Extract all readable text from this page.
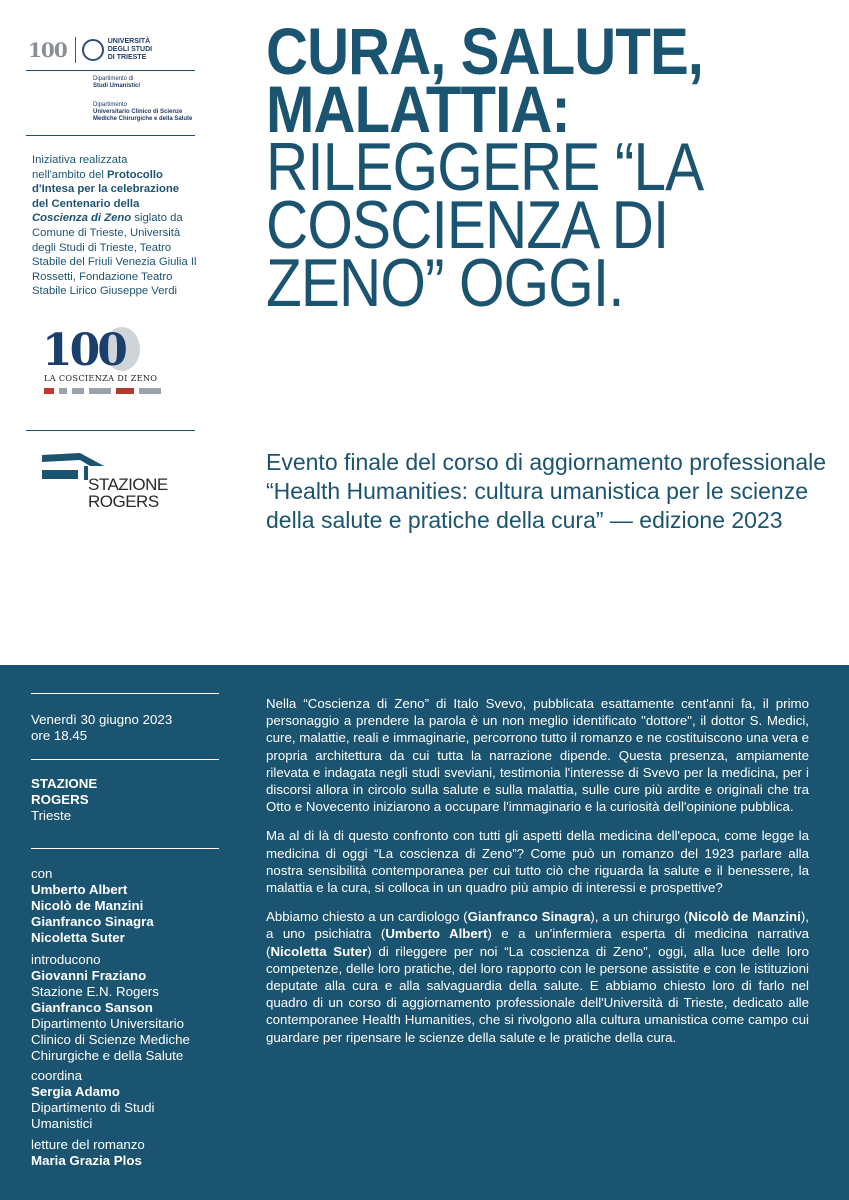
100	UNIVERSITÀ
DEGLI STUDI
DI TRIESTE
Dipartimento di
Studi Umanistici
Dipartimento
Universitario Clinico di Scienze
Mediche Chirurgiche e della Salute
Iniziativa realizzata
nell'ambito del Protocollo d'Intesa per la celebrazione del Centenario della Coscienza di Zeno siglato da Comune di Trieste, Università degli Studi di Trieste, Teatro Stabile del Friuli Venezia Giulia Il Rossetti, Fondazione Teatro Stabile Lirico Giuseppe Verdi
100
LA COSCIENZA DI ZENO
STAZIONE
ROGERS
CURA, SALUTE,
MALATTIA:
RILEGGERE “LA
COSCIENZA DI
ZENO” OGGI.
Evento finale del corso di aggiornamento professionale “Health Humanities: cultura umanistica per le scienze della salute e pratiche della cura” — edizione 2023
Venerdì 30 giugno 2023
ore 18.45
STAZIONE
ROGERS
Trieste
con
Umberto Albert
Nicolò de Manzini
Gianfranco Sinagra
Nicoletta Suter
introducono
Giovanni Fraziano
Stazione E.N. Rogers
Gianfranco Sanson

Dipartimento Universitario Clinico di Scienze Mediche Chirurgiche e della Salute
coordina
Sergia Adamo

Dipartimento di Studi Umanistici
letture del romanzo
Maria Grazia Plos

Nella “Coscienza di Zeno” di Italo Svevo, pubblicata esattamente cent'anni fa, il primo personaggio a prendere la parola è un non meglio identificato "dottore", il dottor S. Medici, cure, malattie, reali e immaginarie, percorrono tutto il romanzo e ne costituiscono una vera e propria architettura da cui tutta la narrazione dipende. Questa presenza, ampiamente rilevata e indagata negli studi sveviani, testimonia l'interesse di Svevo per la medicina, per i discorsi allora in circolo sulla salute e sulla malattia, sulle cure più ardite e originali che tra Otto e Novecento iniziarono a occupare l'immaginario e la curiosità dell'opinione pubblica.

Ma al di là di questo confronto con tutti gli aspetti della medicina dell'epoca, come legge la medicina di oggi “La coscienza di Zeno”? Come può un romanzo del 1923 parlare alla nostra sensibilità contemporanea per cui tutto ciò che riguarda la salute e il benessere, la malattia e la cura, si colloca in un quadro più ampio di interessi e prospettive?

Abbiamo chiesto a un cardiologo (Gianfranco Sinagra), a un chirurgo (Nicolò de Manzini), a uno psichiatra (Umberto Albert) e a un'infermiera esperta di medicina narrativa (Nicoletta Suter) di rileggere per noi “La coscienza di Zeno”, oggi, alla luce delle loro competenze, delle loro pratiche, del loro rapporto con le persone assistite e con le istituzioni deputate alla cura e alla salvaguardia della salute. E abbiamo chiesto loro di farlo nel quadro di un corso di aggiornamento professionale dell'Università di Trieste, dedicato alle contemporanee Health Humanities, che si rivolgono alla cultura umanistica come campo cui guardare per ripensare le scienze della salute e le pratiche della cura.
